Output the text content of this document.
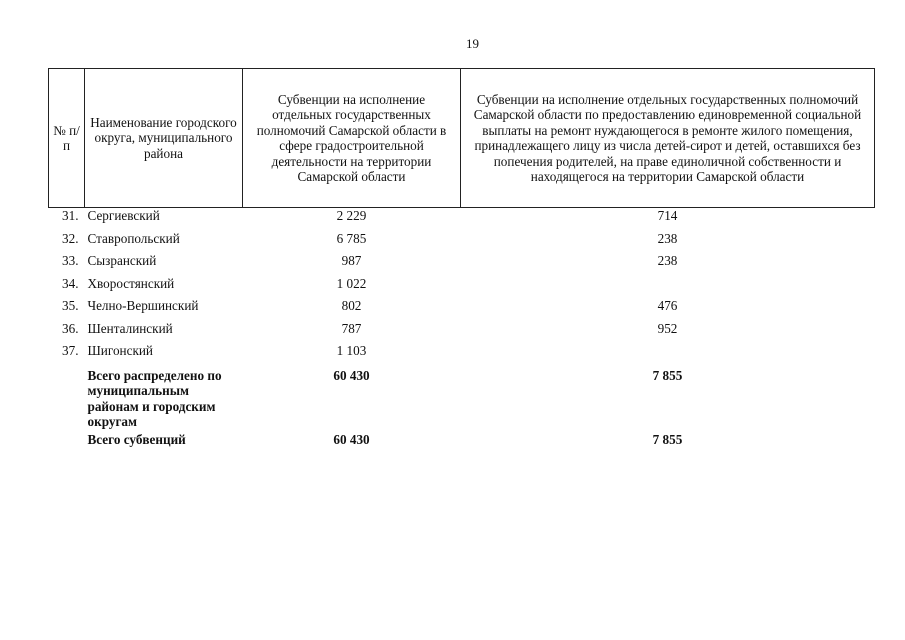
19
№ п/п	Наименование городского округа, муниципального района	Субвенции на исполнение отдельных государственных полномочий Самарской области в сфере градостроительной деятельности на территории Самарской области	Субвенции на исполнение отдельных государственных полномочий Самарской области по предоставлению единовременной социальной выплаты на ремонт нуждающегося в ремонте жилого помещения, принадлежащего лицу из числа детей-сирот и детей, оставшихся без попечения родителей, на праве единоличной собственности и находящегося на территории Самарской области
31.	Сергиевский	2 229	714
32.	Ставропольский	6 785	238
33.	Сызранский	987	238
34.	Хворостянский	1 022	
35.	Челно-Вершинский	802	476
36.	Шенталинский	787	952
37.	Шигонский	1 103	
	Всего распределено по муниципальным районам и городским округам	60 430	7 855
	Всего субвенций	60 430	7 855
